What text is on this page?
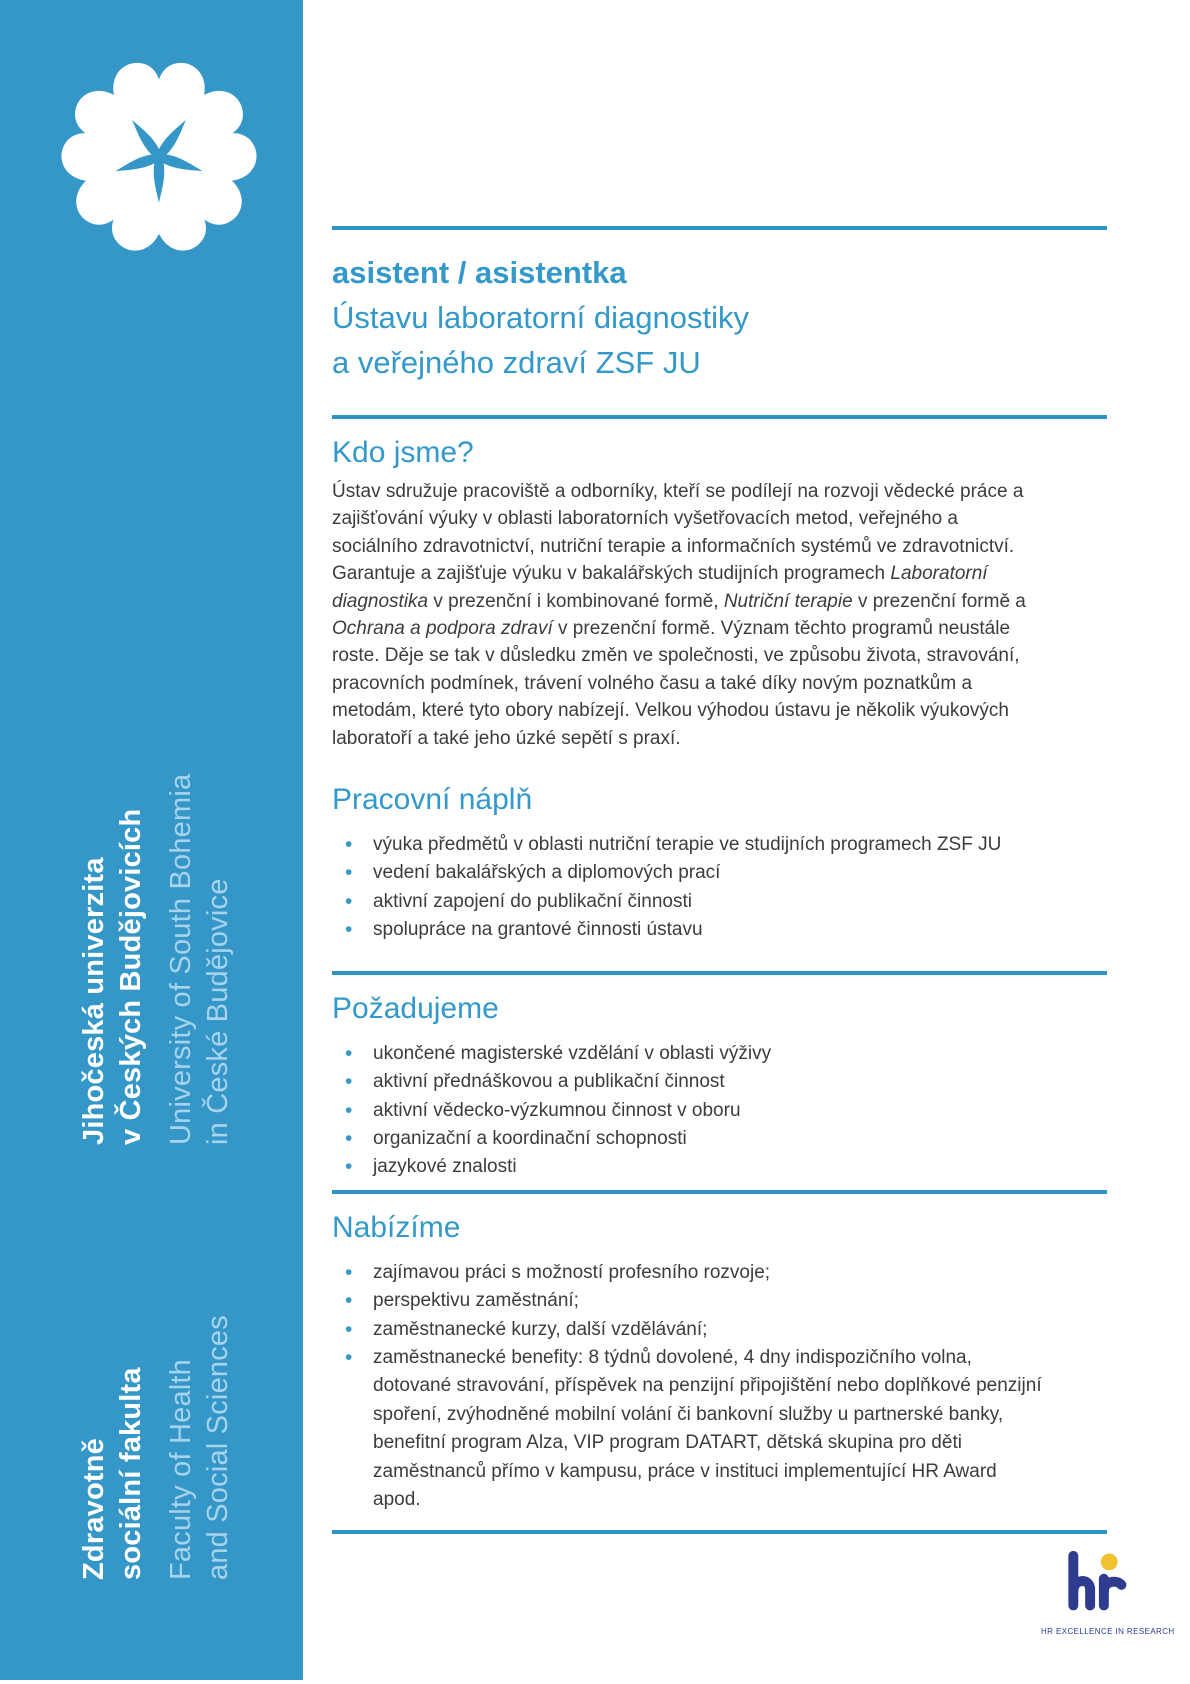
Jihočeská univerzita v Českých Budějovicích University of South Bohemia in České Budějovice
Zdravotně sociální fakulta Faculty of Health and Social Sciences
asistent / asistentka
Ústavu laboratorní diagnostiky
a veřejného zdraví ZSF JU
Kdo jsme?

Ústav sdružuje pracoviště a odborníky, kteří se podílejí na rozvoji vědecké práce a zajišťování výuky v oblasti laboratorních vyšetřovacích metod, veřejného a sociálního zdravotnictví, nutriční terapie a informačních systémů ve zdravotnictví. Garantuje a zajišťuje výuku v bakalářských studijních programech Laboratorní diagnostika v prezenční i kombinované formě, Nutriční terapie v prezenční formě a Ochrana a podpora zdraví v prezenční formě. Význam těchto programů neustále roste. Děje se tak v důsledku změn ve společnosti, ve způsobu života, stravování, pracovních podmínek, trávení volného času a také díky novým poznatkům a metodám, které tyto obory nabízejí. Velkou výhodou ústavu je několik výukových laboratoří a také jeho úzké sepětí s praxí.

Pracovní náplň
• výuka předmětů v oblasti nutriční terapie ve studijních programech ZSF JU
• vedení bakalářských a diplomových prací
• aktivní zapojení do publikační činnosti
• spolupráce na grantové činnosti ústavu
Požadujeme
• ukončené magisterské vzdělání v oblasti výživy
• aktivní přednáškovou a publikační činnost
• aktivní vědecko-výzkumnou činnost v oboru
• organizační a koordinační schopnosti
• jazykové znalosti
Nabízíme
• zajímavou práci s možností profesního rozvoje;
• perspektivu zaměstnání;
• zaměstnanecké kurzy, další vzdělávání;
• zaměstnanecké benefity: 8 týdnů dovolené, 4 dny indispozičního volna, dotované stravování, příspěvek na penzijní připojištění nebo doplňkové penzijní spoření, zvýhodněné mobilní volání či bankovní služby u partnerské banky, benefitní program Alza, VIP program DATART, dětská skupina pro děti zaměstnanců přímo v kampusu, práce v instituci implementující HR Award apod.
HR EXCELLENCE IN RESEARCH
